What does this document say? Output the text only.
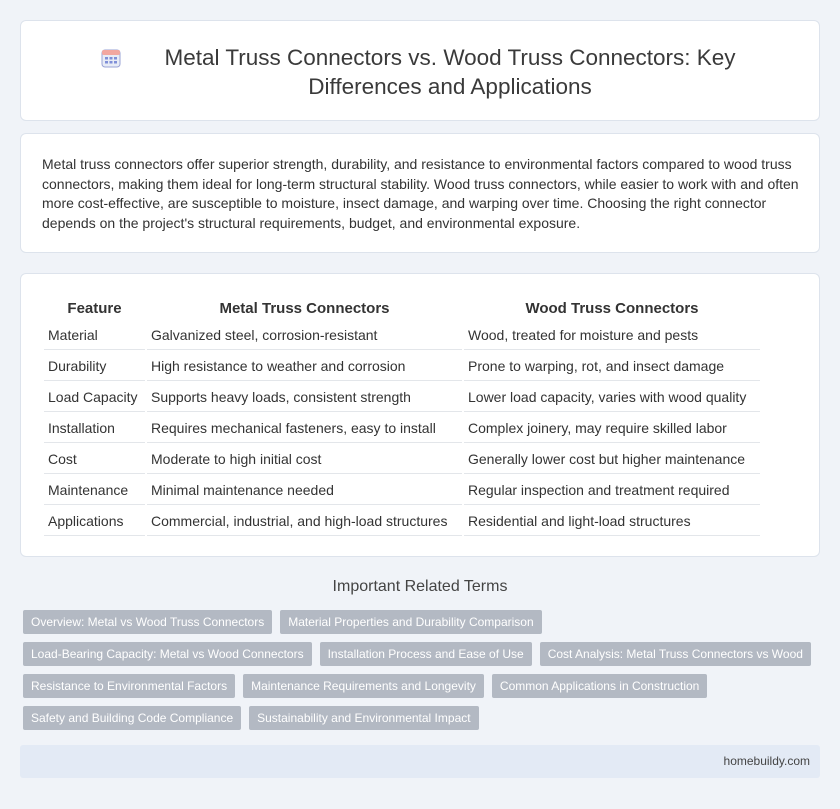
Metal Truss Connectors vs. Wood Truss Connectors: Key Differences and Applications

Metal truss connectors offer superior strength, durability, and resistance to environmental factors compared to wood truss connectors, making them ideal for long-term structural stability. Wood truss connectors, while easier to work with and often more cost-effective, are susceptible to moisture, insect damage, and warping over time. Choosing the right connector depends on the project's structural requirements, budget, and environmental exposure.

Feature	Metal Truss Connectors	Wood Truss Connectors
Material	Galvanized steel, corrosion-resistant	Wood, treated for moisture and pests
Durability	High resistance to weather and corrosion	Prone to warping, rot, and insect damage
Load Capacity	Supports heavy loads, consistent strength	Lower load capacity, varies with wood quality
Installation	Requires mechanical fasteners, easy to install	Complex joinery, may require skilled labor
Cost	Moderate to high initial cost	Generally lower cost but higher maintenance
Maintenance	Minimal maintenance needed	Regular inspection and treatment required
Applications	Commercial, industrial, and high-load structures	Residential and light-load structures
Important Related Terms
Overview: Metal vs Wood Truss Connectors	Material Properties and Durability Comparison
Load-Bearing Capacity: Metal vs Wood Connectors	Installation Process and Ease of Use	Cost Analysis: Metal Truss Connectors vs Wood
Resistance to Environmental Factors	Maintenance Requirements and Longevity	Common Applications in Construction
Safety and Building Code Compliance	Sustainability and Environmental Impact
homebuildy.com
